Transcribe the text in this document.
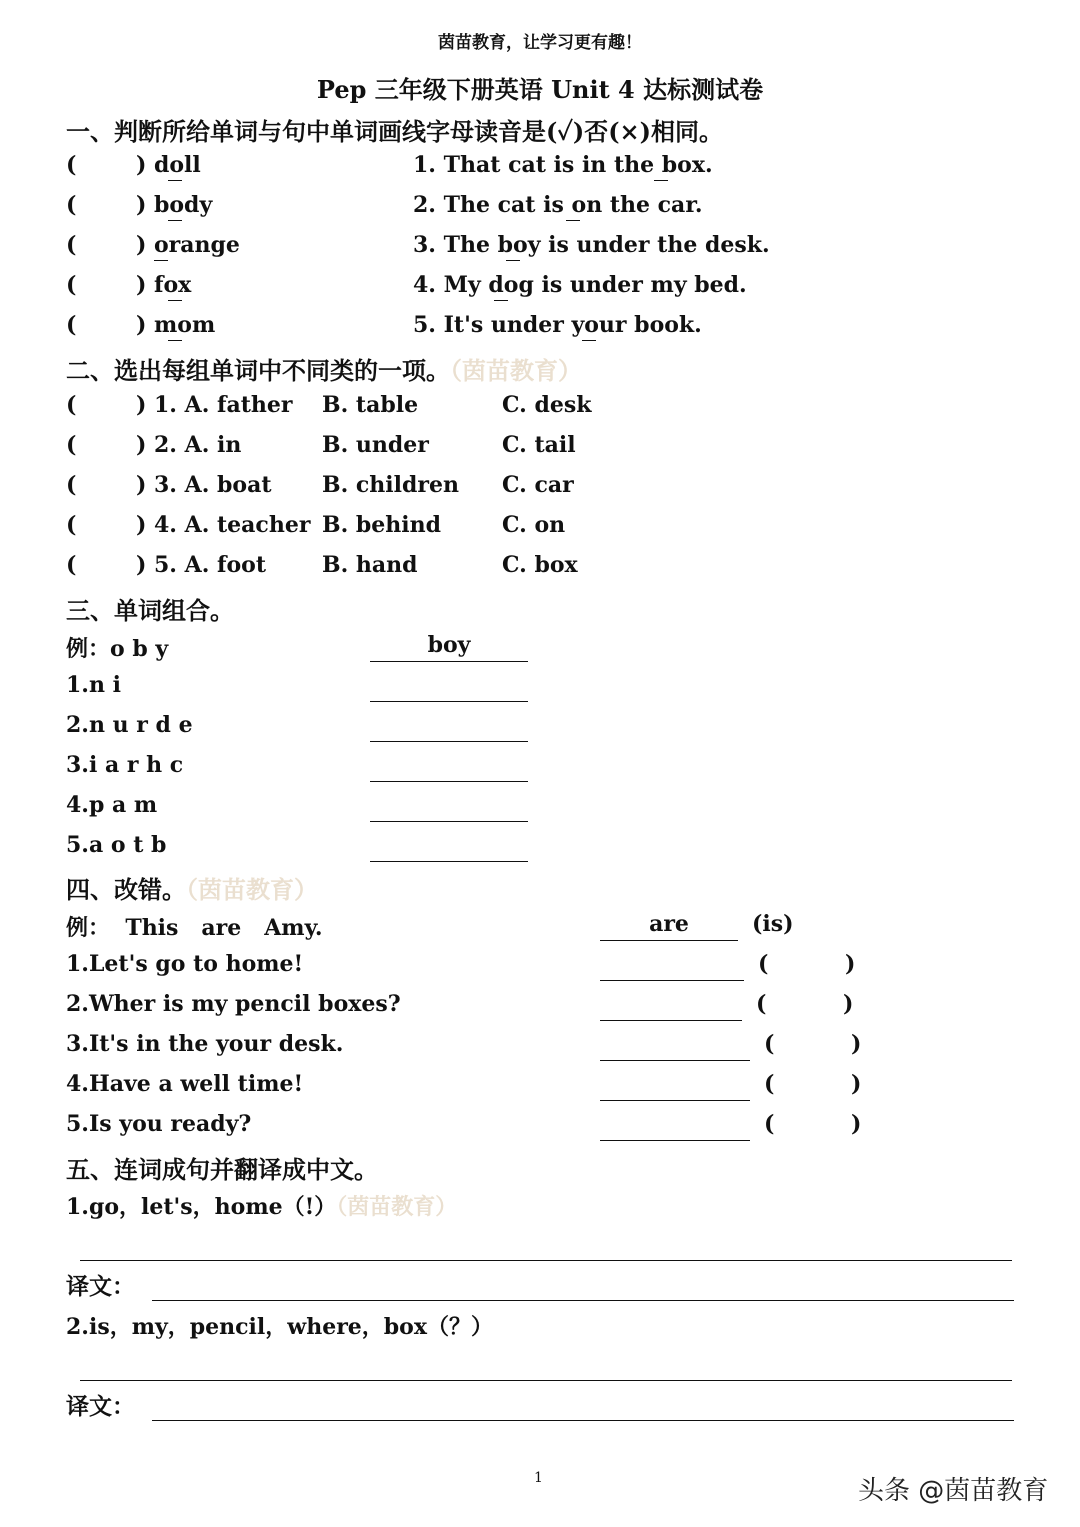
茵苗教育，让学习更有趣！
Pep 三年级下册英语 Unit 4 达标测试卷
一、判断所给单词与句中单词画线字母读音是(✓)否(×)相同。
(	) doll	1. That cat is in the box.
(	) body	2. The cat is on the car.
(	) orange	3. The boy is under the desk.
(	) fox	4. My dog is under my bed.
(	) mom	5. It's under your book.
二、选出每组单词中不同类的一项。（茵苗教育）
(	) 1. A. father B. table	C. desk
(	) 2. A. in	B. under	C. tail
(	) 3. A. boat B. children C. car
(	) 4. A. teacher B. behind	C. on
(	) 5. A. foot	B. hand	C. box
三、单词组合。
例：o b y	boy
1.n i
2.n u r d e
3.i a r h c
4.p a m
5.a o t b
四、改错。（茵苗教育）
例：  This   are   Amy.	are	(is)
1.Let's go to home!	(          )
2.Wher is my pencil boxes?	(          )
3.It's in the your desk.	(          )
4.Have a well time!	(          )
5.Is you ready?	(          )
五、连词成句并翻译成中文。
1.go，let's，home（!）（茵苗教育）
译文：
2.is，my，pencil，where，box（？）
译文：
1	头条 @茵苗教育
